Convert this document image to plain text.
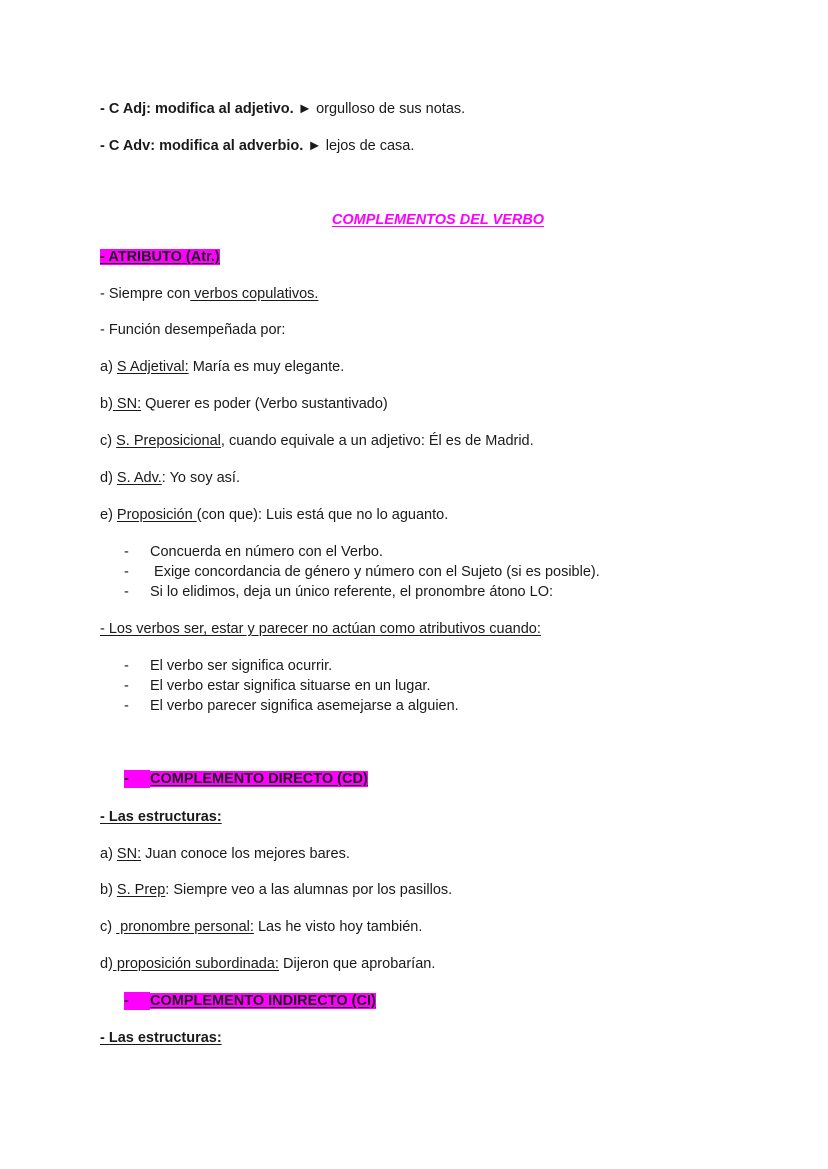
- C Adj: modifica al adjetivo. ► orgulloso de sus notas.
- C Adv: modifica al adverbio. ► lejos de casa.
COMPLEMENTOS DEL VERBO
- ATRIBUTO (Atr.)
- Siempre con verbos copulativos.
- Función desempeñada por:
a) S Adjetival: María es muy elegante.
b) SN: Querer es poder (Verbo sustantivado)
c) S. Preposicional, cuando equivale a un adjetivo: Él es de Madrid.
d) S. Adv.: Yo soy así.
e) Proposición (con que): Luis está que no lo aguanto.
- Concuerda en número con el Verbo.
- Exige concordancia de género y número con el Sujeto (si es posible).
- Si lo elidimos, deja un único referente, el pronombre átono LO:
- Los verbos ser, estar y parecer no actúan como atributivos cuando:
- El verbo ser significa ocurrir.
- El verbo estar significa situarse en un lugar.
- El verbo parecer significa asemejarse a alguien.
- COMPLEMENTO DIRECTO (CD)
- Las estructuras:
a) SN: Juan conoce los mejores bares.
b) S. Prep: Siempre veo a las alumnas por los pasillos.
c)  pronombre personal: Las he visto hoy también.
d) proposición subordinada: Dijeron que aprobarían.
- COMPLEMENTO INDIRECTO (CI)
- Las estructuras:
